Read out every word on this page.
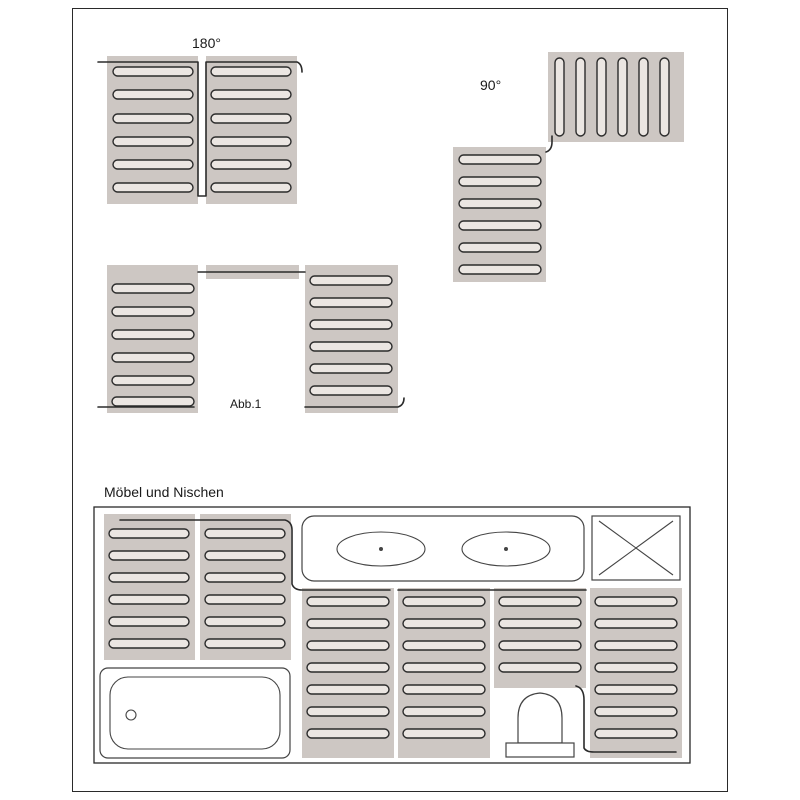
180°
90°
Abb.1
Möbel und Nischen
